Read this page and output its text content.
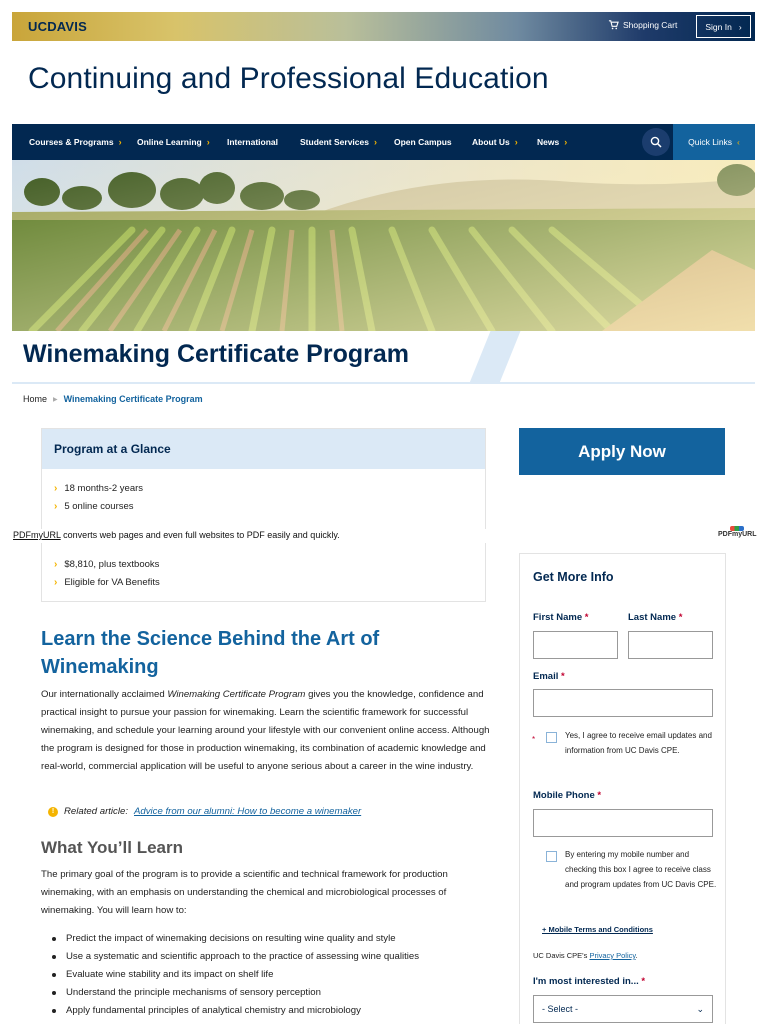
UCDAVIS	Shopping Cart	Sign In ›
Continuing and Professional Education
Courses & Programs › Online Learning › International	Student Services › Open Campus About Us › News ›	Quick Links ‹
Winemaking Certificate Program
Home ▶ Winemaking Certificate Program
Program at a Glance
› 18 months-2 years
› 5 online courses
› $8,810, plus textbooks
› Eligible for VA Benefits
PDFmyURL converts web pages and even full websites to PDF easily and quickly.	PDFmyURL
Learn the Science Behind the Art of Winemaking
Our internationally acclaimed Winemaking Certificate Program gives you the knowledge, confidence and practical insight to pursue your passion for winemaking. Learn the scientific framework for successful winemaking, and schedule your learning around your lifestyle with our convenient online access. Although the program is designed for those in production winemaking, its combination of academic knowledge and real-world, commercial application will be useful to anyone serious about a career in the wine industry.
!	Related article: Advice from our alumni: How to become a winemaker
What You’ll Learn
The primary goal of the program is to provide a scientific and technical framework for production winemaking, with an emphasis on understanding the chemical and microbiological processes of winemaking. You will learn how to:
Predict the impact of winemaking decisions on resulting wine quality and style
Use a systematic and scientific approach to the practice of assessing wine qualities
Evaluate wine stability and its impact on shelf life
Understand the principle mechanisms of sensory perception
Apply fundamental principles of analytical chemistry and microbiology
Apply Now
Get More Info
First Name *	Last Name *
Email *
*	Yes, I agree to receive email updates and information from UC Davis CPE.
Mobile Phone *
By entering my mobile number and checking this box I agree to receive class and program updates from UC Davis CPE.
+ Mobile Terms and Conditions
UC Davis CPE's Privacy Policy.
I'm most interested in... *
- Select -	⌄
